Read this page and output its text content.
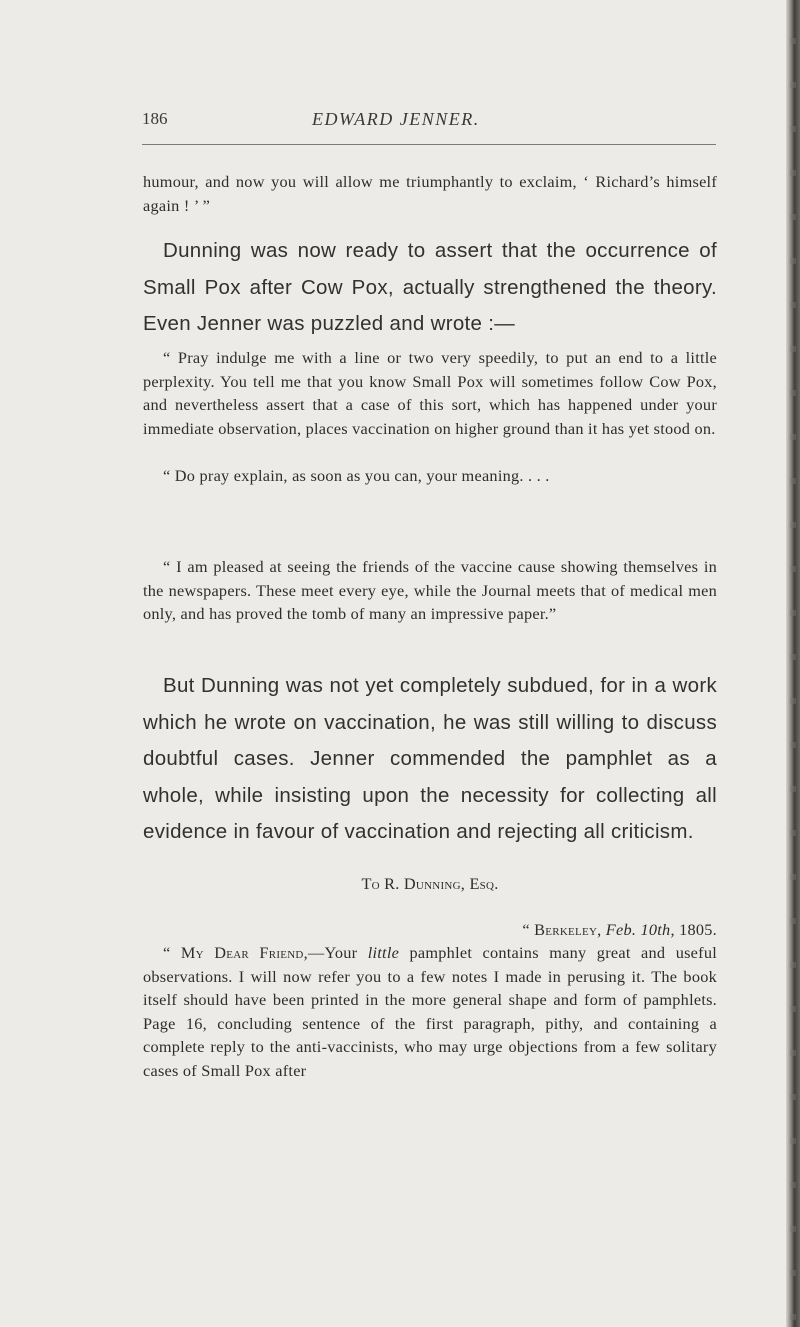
186	EDWARD JENNER.

humour, and now you will allow me triumphantly to exclaim, ‘ Richard’s himself again ! ’ ”

Dunning was now ready to assert that the occurrence of Small Pox after Cow Pox, actually strengthened the theory. Even Jenner was puzzled and wrote :—

“ Pray indulge me with a line or two very speedily, to put an end to a little perplexity. You tell me that you know Small Pox will sometimes follow Cow Pox, and nevertheless assert that a case of this sort, which has happened under your immediate observation, places vaccination on higher ground than it has yet stood on.

“ Do pray explain, as soon as you can, your meaning. . . .

“ I am pleased at seeing the friends of the vaccine cause showing themselves in the newspapers. These meet every eye, while the Journal meets that of medical men only, and has proved the tomb of many an impressive paper.”

But Dunning was not yet completely subdued, for in a work which he wrote on vaccination, he was still willing to discuss doubtful cases. Jenner commended the pamphlet as a whole, while insisting upon the necessity for collecting all evidence in favour of vaccination and rejecting all criticism.

To R. Dunning, Esq.

“ Berkeley, Feb. 10th, 1805.

“ My Dear Friend,—Your little pamphlet contains many great and useful observations. I will now refer you to a few notes I made in perusing it. The book itself should have been printed in the more general shape and form of pamphlets. Page 16, concluding sentence of the first paragraph, pithy, and containing a complete reply to the anti-vaccinists, who may urge objections from a few solitary cases of Small Pox after
